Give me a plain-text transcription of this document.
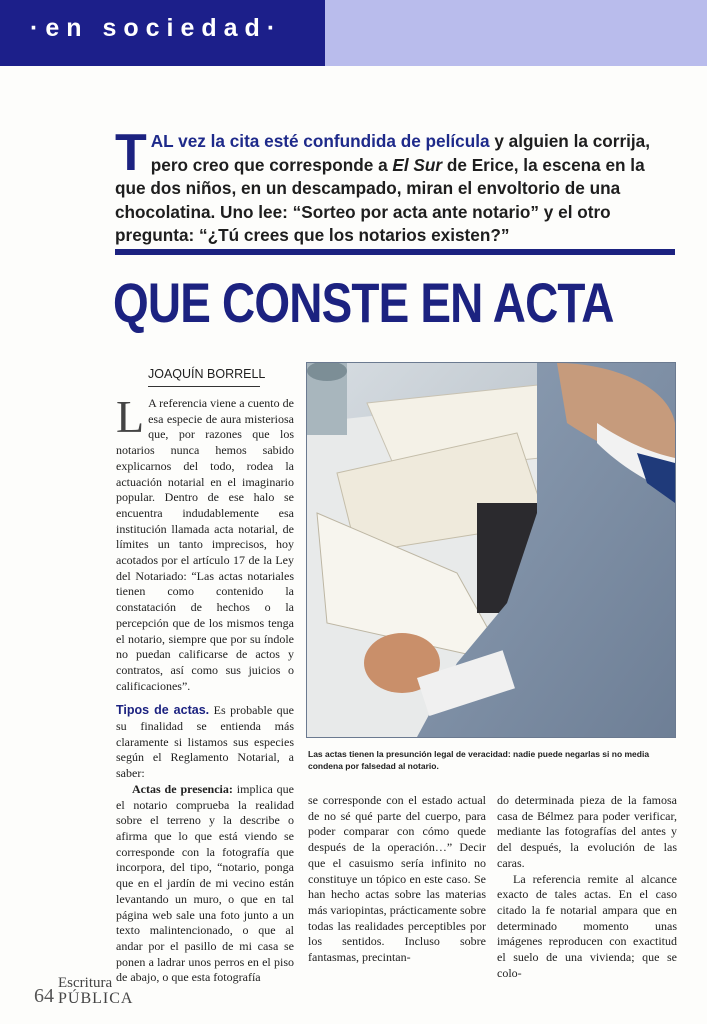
·en sociedad·
TAL vez la cita esté confundida de película y alguien la corrija, pero creo que corresponde a El Sur de Erice, la escena en la que dos niños, en un descampado, miran el envoltorio de una chocolatina. Uno lee: “Sorteo por acta ante notario” y el otro pregunta: “¿Tú crees que los notarios existen?”
QUE CONSTE EN ACTA
JOAQUÍN BORRELL

L A referencia viene a cuento de esa especie de aura misteriosa que, por razones que los notarios nunca hemos sabido explicarnos del todo, rodea la actuación notarial en el imaginario popular. Dentro de ese halo se encuentra indudablemente esa institución llamada acta notarial, de límites un tanto imprecisos, hoy acotados por el artículo 17 de la Ley del Notariado: “Las actas notariales tienen como contenido la constatación de hechos o la percepción que de los mismos tenga el notario, siempre que por su índole no puedan calificarse de actos y contratos, así como sus juicios o calificaciones”.

Tipos de actas. Es probable que su finalidad se entienda más claramente si listamos sus especies según el Reglamento Notarial, a saber:

Actas de presencia: implica que el notario comprueba la realidad sobre el terreno y la describe o afirma que lo que está viendo se corresponde con la fotografía que incorpora, del tipo, “notario, ponga que en el jardín de mi vecino están levantando un muro, o que en tal página web sale una foto junto a un texto malintencionado, o que al andar por el pasillo de mi casa se ponen a ladrar unos perros en el piso de abajo, o que esta fotografía

Las actas tienen la presunción legal de veracidad: nadie puede negarlas si no media condena por falsedad al notario.

se corresponde con el estado actual de no sé qué parte del cuerpo, para poder comparar con cómo quede después de la operación…” Decir que el casuismo sería infinito no constituye un tópico en este caso. Se han hecho actas sobre las materias más variopintas, prácticamente sobre todas las realidades perceptibles por los sentidos. Incluso sobre fantasmas, precintan-

do determinada pieza de la famosa casa de Bélmez para poder verificar, mediante las fotografías del antes y del después, la evolución de las caras.

La referencia remite al alcance exacto de tales actas. En el caso citado la fe notarial ampara que en determinado momento unas imágenes reproducen con exactitud el suelo de una vivienda; que se colo-

64
Escritura
PÚBLICA
